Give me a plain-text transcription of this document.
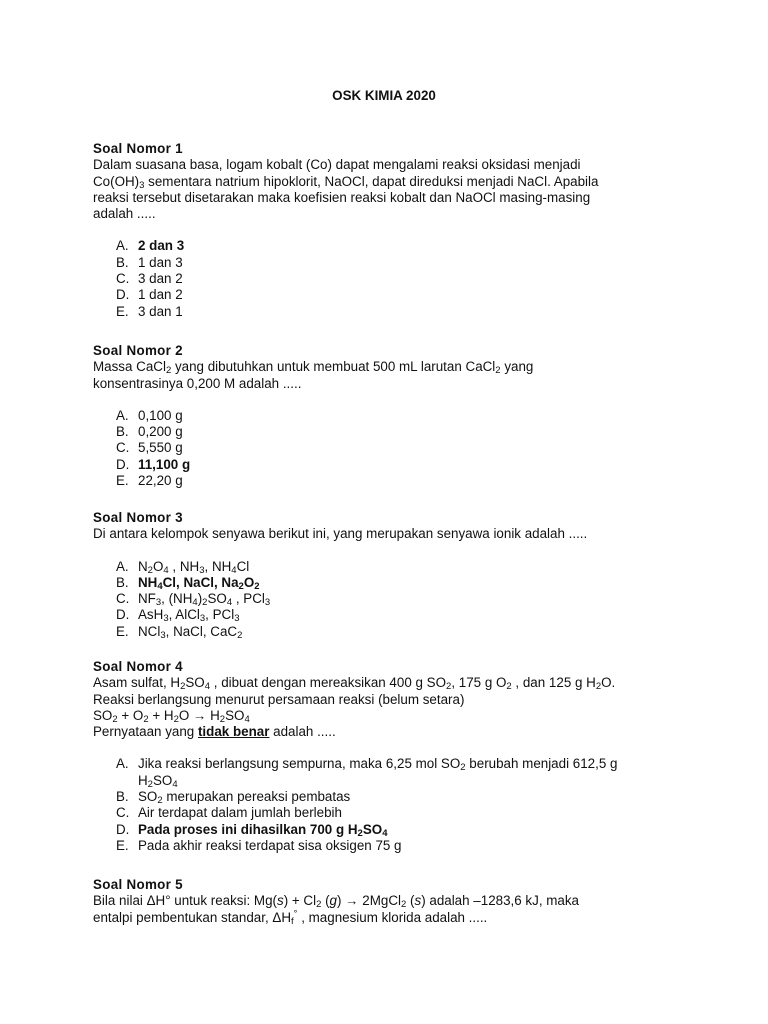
OSK KIMIA 2020
Soal Nomor 1
Dalam suasana basa, logam kobalt (Co) dapat mengalami reaksi oksidasi menjadi
$Co(OH)_3$ sementara natrium hipoklorit, NaOCl, dapat direduksi menjadi NaCl. Apabila
reaksi tersebut disetarakan maka koefisien reaksi kobalt dan NaOCl masing-masing
adalah .....
A. 2 dan 3
B. 1 dan 3
C. 3 dan 2
D. 1 dan 2
E. 3 dan 1
Soal Nomor 2
Massa CaCl$_2$ yang dibutuhkan untuk membuat 500 mL larutan CaCl$_2$ yang
konsentrasinya 0,200 M adalah .....
A. 0,100 g
B. 0,200 g
C. 5,550 g
D. 11,100 g
E. 22,20 g
Soal Nomor 3
Di antara kelompok senyawa berikut ini, yang merupakan senyawa ionik adalah .....
A. $N_2O_4$ , $NH_3$, $NH_4Cl$
B. $NH_4Cl$, NaCl, $Na_2O_2$
C. $NF_3$, $(NH_4)_2SO_4$ , PCl$_3$
D. AsH$_3$, AlCl$_3$, PCl$_3$
E. NCl$_3$, NaCl, CaC$_2$
Soal Nomor 4
Asam sulfat, $H_2SO_4$ , dibuat dengan mereaksikan 400 g $SO_2$, 175 g $O_2$ , dan 125 g $H_2O$.
Reaksi berlangsung menurut persamaan reaksi (belum setara)
$SO_2 + O_2 + H_2O \to H_2SO_4$
Pernyataan yang tidak benar adalah .....
A. Jika reaksi berlangsung sempurna, maka 6,25 mol $SO_2$ berubah menjadi 612,5 g
$H_2SO_4$
B. $SO_2$ merupakan pereaksi pembatas
C. Air terdapat dalam jumlah berlebih
D. Pada proses ini dihasilkan 700 g $H_2SO_4$
E. Pada akhir reaksi terdapat sisa oksigen 75 g
Soal Nomor 5
Bila nilai ΔH° untuk reaksi: $Mg(s) + Cl_2$ (g) → 2MgCl$_2$ (s) adalah –1283,6 kJ, maka
entalpi pembentukan standar, $\Delta H_f^\circ$ , magnesium klorida adalah .....
